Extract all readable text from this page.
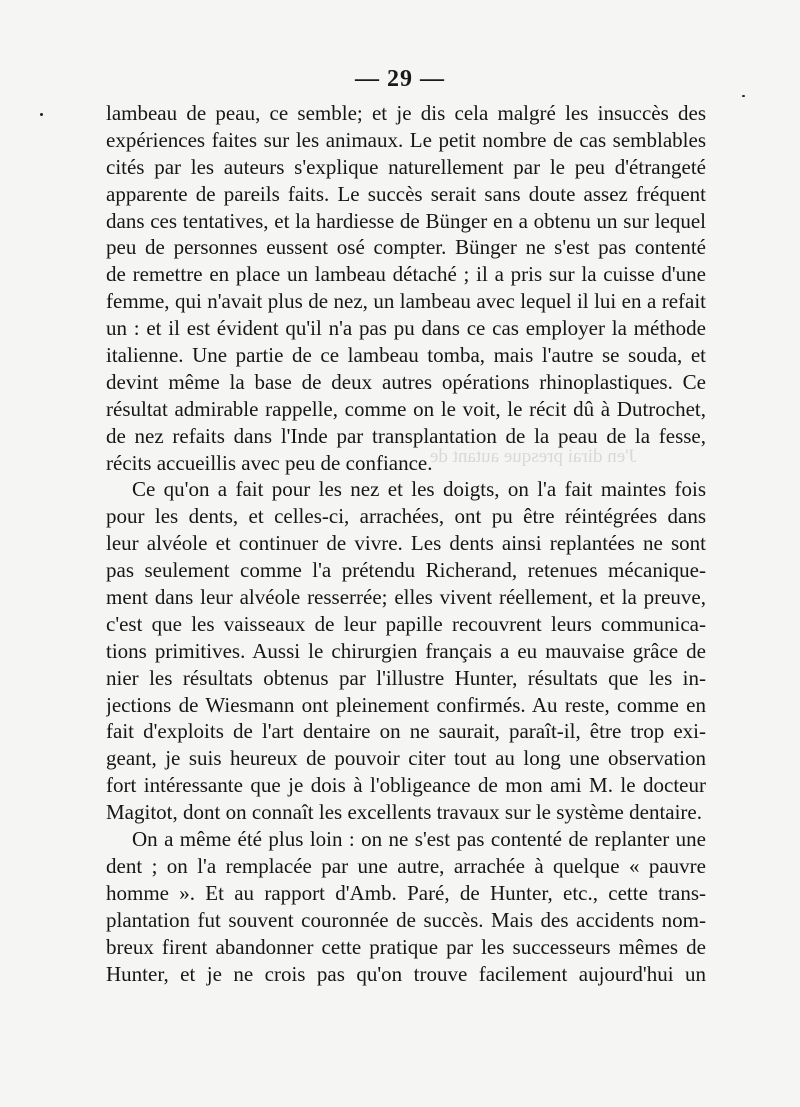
J'en dirai presque autant de
— 29 —
lambeau de peau, ce semble; et je dis cela malgré les insuccès des
expériences faites sur les animaux. Le petit nombre de cas semblables
cités par les auteurs s'explique naturellement par le peu d'étrangeté
apparente de pareils faits. Le succès serait sans doute assez fréquent
dans ces tentatives, et la hardiesse de Bünger en a obtenu un sur lequel
peu de personnes eussent osé compter. Bünger ne s'est pas contenté
de remettre en place un lambeau détaché ; il a pris sur la cuisse d'une
femme, qui n'avait plus de nez, un lambeau avec lequel il lui en a refait
un : et il est évident qu'il n'a pas pu dans ce cas employer la méthode
italienne. Une partie de ce lambeau tomba, mais l'autre se souda, et
devint même la base de deux autres opérations rhinoplastiques. Ce
résultat admirable rappelle, comme on le voit, le récit dû à Dutrochet,
de nez refaits dans l'Inde par transplantation de la peau de la fesse,
récits accueillis avec peu de confiance.
Ce qu'on a fait pour les nez et les doigts, on l'a fait maintes fois
pour les dents, et celles-ci, arrachées, ont pu être réintégrées dans
leur alvéole et continuer de vivre. Les dents ainsi replantées ne sont
pas seulement comme l'a prétendu Richerand, retenues mécanique-
ment dans leur alvéole resserrée; elles vivent réellement, et la preuve,
c'est que les vaisseaux de leur papille recouvrent leurs communica-
tions primitives. Aussi le chirurgien français a eu mauvaise grâce de
nier les résultats obtenus par l'illustre Hunter, résultats que les in-
jections de Wiesmann ont pleinement confirmés. Au reste, comme en
fait d'exploits de l'art dentaire on ne saurait, paraît-il, être trop exi-
geant, je suis heureux de pouvoir citer tout au long une observation
fort intéressante que je dois à l'obligeance de mon ami M. le docteur
Magitot, dont on connaît les excellents travaux sur le système dentaire.
On a même été plus loin : on ne s'est pas contenté de replanter une
dent ; on l'a remplacée par une autre, arrachée à quelque « pauvre
homme ». Et au rapport d'Amb. Paré, de Hunter, etc., cette trans-
plantation fut souvent couronnée de succès. Mais des accidents nom-
breux firent abandonner cette pratique par les successeurs mêmes de
Hunter, et je ne crois pas qu'on trouve facilement aujourd'hui un
